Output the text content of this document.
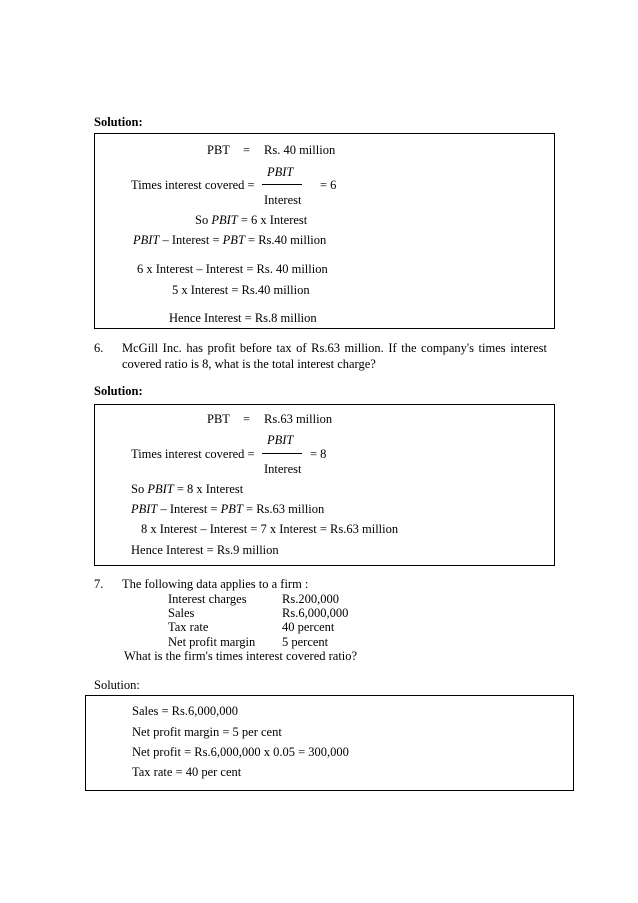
Solution:
PBT = Rs. 40 million
PBIT
Times interest covered =	= 6
Interest
So PBIT = 6 x Interest
PBIT – Interest = PBT = Rs.40 million
6 x Interest – Interest = Rs. 40 million
5 x Interest = Rs.40 million
Hence Interest = Rs.8 million
6. McGill Inc. has profit before tax of Rs.63 million. If the company's times interest covered ratio is 8, what is the total interest charge?
Solution:
PBT = Rs.63 million
PBIT
Times interest covered =	= 8
Interest
So PBIT = 8 x Interest
PBIT – Interest = PBT = Rs.63 million
8 x Interest – Interest = 7 x Interest = Rs.63 million
Hence Interest = Rs.9 million
7. The following data applies to a firm :
Interest charges	Rs.200,000
Sales	Rs.6,000,000
Tax rate	40 percent
Net profit margin 5 percent
What is the firm's times interest covered ratio?
Solution:
Sales = Rs.6,000,000
Net profit margin = 5 per cent
Net profit = Rs.6,000,000 x 0.05 = 300,000
Tax rate = 40 per cent
